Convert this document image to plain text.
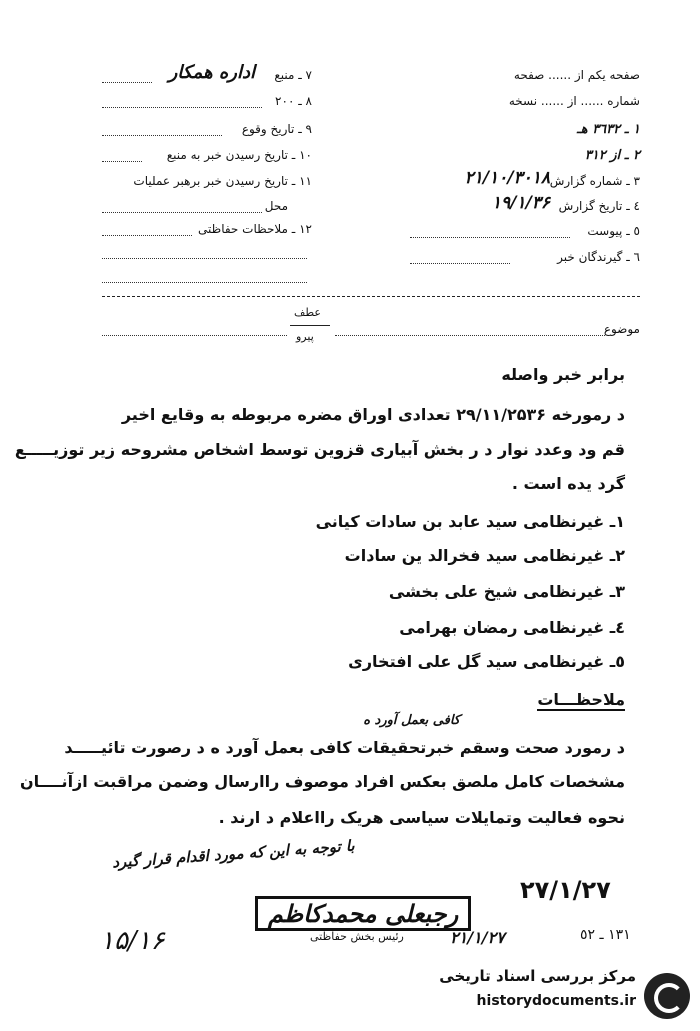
٧ ـ منبع
اداره همکار
٨ ـ ٢٠٠
٩ ـ تاریخ وقوع
١٠ ـ تاریخ رسیدن خبر به منبع
١١ ـ تاریخ رسیدن خبر برهبر عملیات
محل
١٢ ـ ملاحظات حفاظتی
صفحه یکم از ...... صفحه
شماره ...... از ...... نسخه
١ ـ ٣٦٣٢ هـ
٢ ـ از ٣١٢
٣ ـ شماره گزارش
۲۱/۱۰/۳۰۱۸
٤ ـ تاریخ گزارش
۱۹/۱/۳۶
٥ ـ پیوست
٦ ـ گیرندگان خبر
موضوع
عطف
پیرو
برابر خبر واصله
د رمورخه ۲۹/۱۱/۲۵۳۶ تعدادی اوراق مضره مربوطه به وقایع اخیر
قم ود وعدد نوار د ر بخش آبیاری قزوین توسط اشخاص مشروحه زیر توزیـــــع
گرد یده است .
۱ـ غیرنظامی سید عابد بن سادات کیانی
۲ـ غیرنظامی سید فخرالد ین سادات
۳ـ غیرنظامی شیخ علی بخشی
٤ـ غیرنظامی رمضان بهرامی
٥ـ غیرنظامی سید گل علی افتخاری
ملاحظـــات
کافی بعمل آورد ه
د رمورد صحت وسقم خبرتحقیقات کافی بعمل آورد ه د رصورت تائیـــــد
مشخصات کامل ملصق بعکس افراد موصوف راارسال وضمن مراقبت ازآنــــان
نحوه فعالیت وتمایلات سیاسی هریک رااعلام د ارند .
با توجه به این که مورد اقدام قرار گیرد
۲۷/۱/۲۷
رجبعلی محمدکاظم
۲۱/۱/۲۷
رئیس بخش حفاظتی	۱۳۱ ـ ٥٢
۱۵/۱۶
مرکز بررسی اسناد تاریخی
historydocuments.ir
